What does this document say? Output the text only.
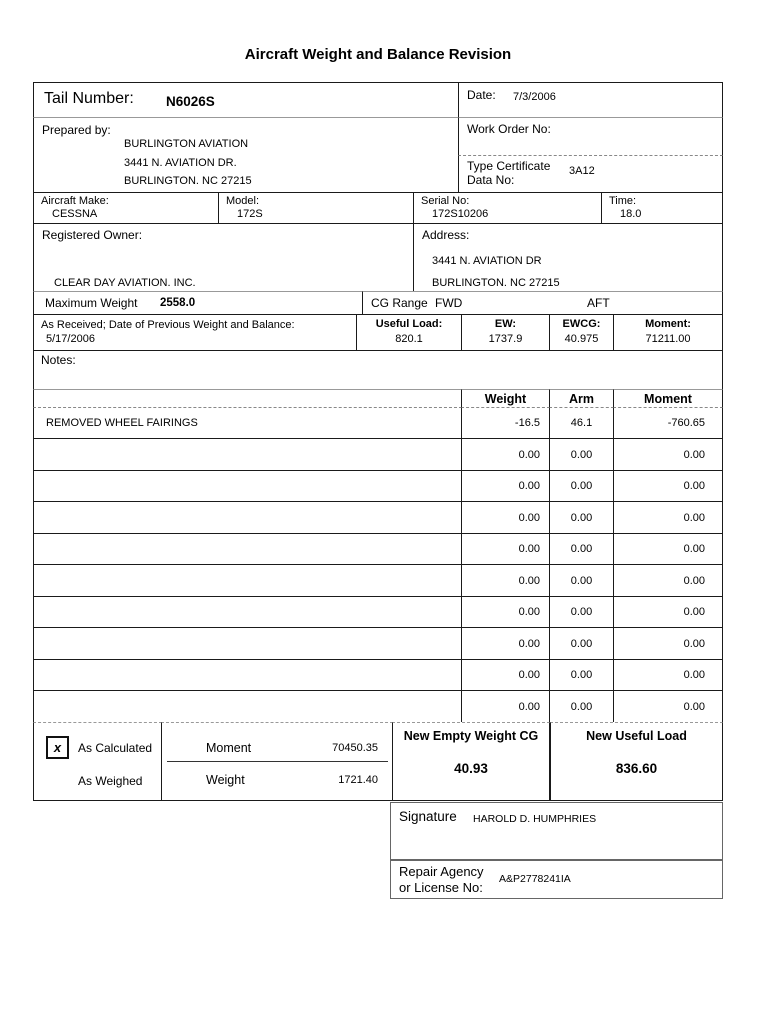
Aircraft Weight and Balance Revision
Tail Number: N6026S	Date: 7/3/2006
Prepared by:
BURLINGTON AVIATION
3441 N. AVIATION DR.
BURLINGTON. NC 27215
Work Order No:
Type Certificate
Data No:
3A12
Aircraft Make:
CESSNA
Model:
172S
Serial No:
172S10206
Time:
18.0
Registered Owner:
CLEAR DAY AVIATION. INC.
Address:
3441 N. AVIATION DR
BURLINGTON. NC 27215
Maximum Weight 2558.0	CG Range FWD	AFT
As Received; Date of Previous Weight and Balance:
5/17/2006
Useful Load:
820.1
EW:
1737.9
EWCG:
40.975
Moment:
71211.00
Notes:
Weight	Arm	Moment
REMOVED WHEEL FAIRINGS	-16.5	46.1	-760.65
0.00	0.00	0.00
0.00	0.00	0.00
0.00	0.00	0.00
0.00	0.00	0.00
0.00	0.00	0.00
0.00	0.00	0.00
0.00	0.00	0.00
0.00	0.00	0.00
0.00	0.00	0.00
x	As Calculated
As Weighed
Moment	70450.35
Weight	1721.40
New Empty Weight CG
40.93
New Useful Load
836.60
Signature HAROLD D. HUMPHRIES
Repair Agency
or License No:
A&P2778241IA
